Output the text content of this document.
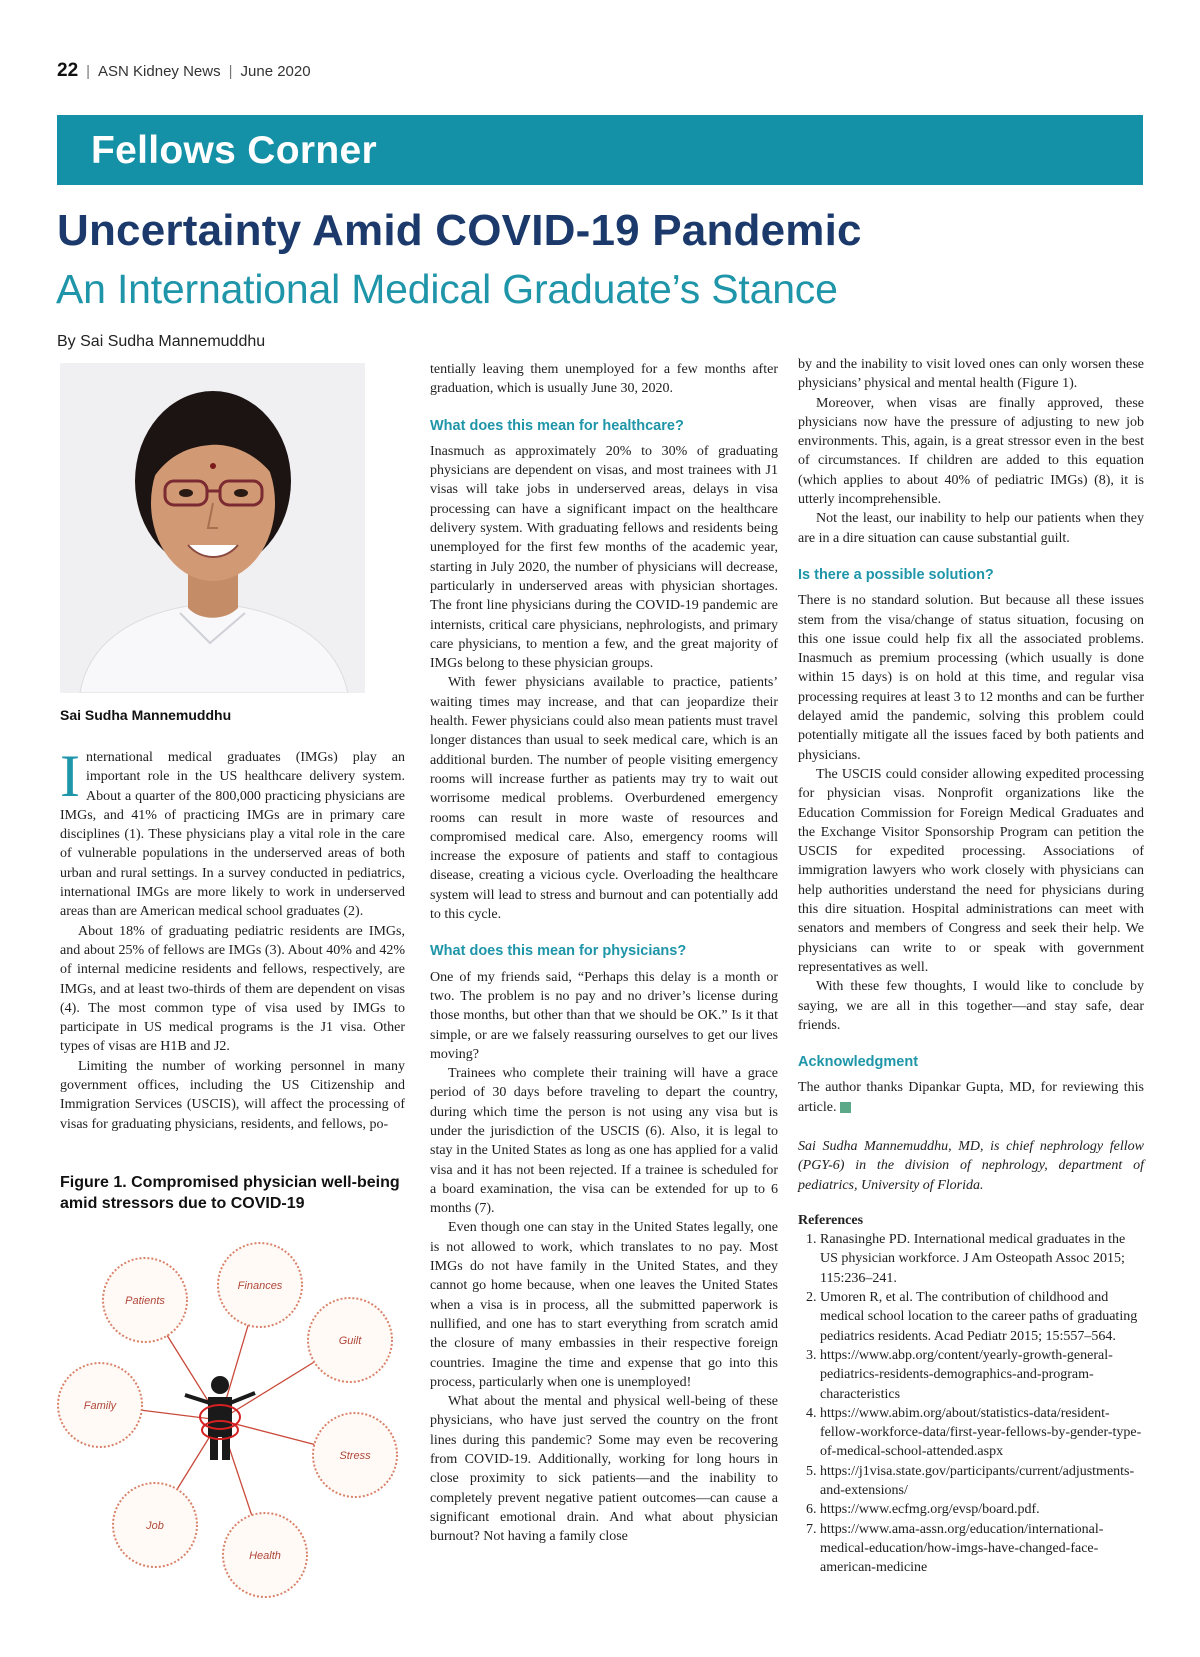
22 | ASN Kidney News | June 2020
Fellows Corner
Uncertainty Amid COVID-19 Pandemic
An International Medical Graduate’s Stance
By Sai Sudha Mannemuddhu
Sai Sudha Mannemuddhu

International medical graduates (IMGs) play an important role in the US healthcare delivery system. About a quarter of the 800,000 practicing physicians are IMGs, and 41% of practicing IMGs are in primary care disciplines (1). These physicians play a vital role in the care of vulnerable populations in the underserved areas of both urban and rural settings. In a survey conducted in pediatrics, international IMGs are more likely to work in underserved areas than are American medical school graduates (2).

About 18% of graduating pediatric residents are IMGs, and about 25% of fellows are IMGs (3). About 40% and 42% of internal medicine residents and fellows, respectively, are IMGs, and at least two-thirds of them are dependent on visas (4). The most common type of visa used by IMGs to participate in US medical programs is the J1 visa. Other types of visas are H1B and J2.

Limiting the number of working personnel in many government offices, including the US Citizenship and Immigration Services (USCIS), will affect the processing of visas for graduating physicians, residents, and fellows, po-

Figure 1. Compromised physician well-being amid stressors due to COVID-19
Finances
Guilt
Stress
Health
Job
Family
Patients

tentially leaving them unemployed for a few months after graduation, which is usually June 30, 2020.

What does this mean for healthcare?

Inasmuch as approximately 20% to 30% of graduating physicians are dependent on visas, and most trainees with J1 visas will take jobs in underserved areas, delays in visa processing can have a significant impact on the healthcare delivery system. With graduating fellows and residents being unemployed for the first few months of the academic year, starting in July 2020, the number of physicians will decrease, particularly in underserved areas with physician shortages. The front line physicians during the COVID-19 pandemic are internists, critical care physicians, nephrologists, and primary care physicians, to mention a few, and the great majority of IMGs belong to these physician groups.

With fewer physicians available to practice, patients’ waiting times may increase, and that can jeopardize their health. Fewer physicians could also mean patients must travel longer distances than usual to seek medical care, which is an additional burden. The number of people visiting emergency rooms will increase further as patients may try to wait out worrisome medical problems. Overburdened emergency rooms can result in more waste of resources and compromised medical care. Also, emergency rooms will increase the exposure of patients and staff to contagious disease, creating a vicious cycle. Overloading the healthcare system will lead to stress and burnout and can potentially add to this cycle.

What does this mean for physicians?

One of my friends said, “Perhaps this delay is a month or two. The problem is no pay and no driver’s license during those months, but other than that we should be OK.” Is it that simple, or are we falsely reassuring ourselves to get our lives moving?

Trainees who complete their training will have a grace period of 30 days before traveling to depart the country, during which time the person is not using any visa but is under the jurisdiction of the USCIS (6). Also, it is legal to stay in the United States as long as one has applied for a valid visa and it has not been rejected. If a trainee is scheduled for a board examination, the visa can be extended for up to 6 months (7).

Even though one can stay in the United States legally, one is not allowed to work, which translates to no pay. Most IMGs do not have family in the United States, and they cannot go home because, when one leaves the United States when a visa is in process, all the submitted paperwork is nullified, and one has to start everything from scratch amid the closure of many embassies in their respective foreign countries. Imagine the time and expense that go into this process, particularly when one is unemployed!

What about the mental and physical well-being of these physicians, who have just served the country on the front lines during this pandemic? Some may even be recovering from COVID-19. Additionally, working for long hours in close proximity to sick patients—and the inability to completely prevent negative patient outcomes—can cause a significant emotional drain. And what about physician burnout? Not having a family close

by and the inability to visit loved ones can only worsen these physicians’ physical and mental health (Figure 1).

Moreover, when visas are finally approved, these physicians now have the pressure of adjusting to new job environments. This, again, is a great stressor even in the best of circumstances. If children are added to this equation (which applies to about 40% of pediatric IMGs) (8), it is utterly incomprehensible.

Not the least, our inability to help our patients when they are in a dire situation can cause substantial guilt.

Is there a possible solution?

There is no standard solution. But because all these issues stem from the visa/change of status situation, focusing on this one issue could help fix all the associated problems. Inasmuch as premium processing (which usually is done within 15 days) is on hold at this time, and regular visa processing requires at least 3 to 12 months and can be further delayed amid the pandemic, solving this problem could potentially mitigate all the issues faced by both patients and physicians.

The USCIS could consider allowing expedited processing for physician visas. Nonprofit organizations like the Education Commission for Foreign Medical Graduates and the Exchange Visitor Sponsorship Program can petition the USCIS for expedited processing. Associations of immigration lawyers who work closely with physicians can help authorities understand the need for physicians during this dire situation. Hospital administrations can meet with senators and members of Congress and seek their help. We physicians can write to or speak with government representatives as well.

With these few thoughts, I would like to conclude by saying, we are all in this together—and stay safe, dear friends.

Acknowledgment

The author thanks Dipankar Gupta, MD, for reviewing this article.

Sai Sudha Mannemuddhu, MD, is chief nephrology fellow (PGY-6) in the division of nephrology, department of pediatrics, University of Florida.

References

1. Ranasinghe PD. International medical graduates in the US physician workforce. J Am Osteopath Assoc 2015; 115:236–241.
2. Umoren R, et al. The contribution of childhood and medical school location to the career paths of graduating pediatrics residents. Acad Pediatr 2015; 15:557–564.
3. https://www.abp.org/content/yearly-growth-general-pediatrics-residents-demographics-and-program-characteristics
4. https://www.abim.org/about/statistics-data/resident-fellow-workforce-data/first-year-fellows-by-gender-type-of-medical-school-attended.aspx
5. https://j1visa.state.gov/participants/current/adjustments-and-extensions/
6. https://www.ecfmg.org/evsp/board.pdf.
7. https://www.ama-assn.org/education/international-medical-education/how-imgs-have-changed-face-american-medicine
